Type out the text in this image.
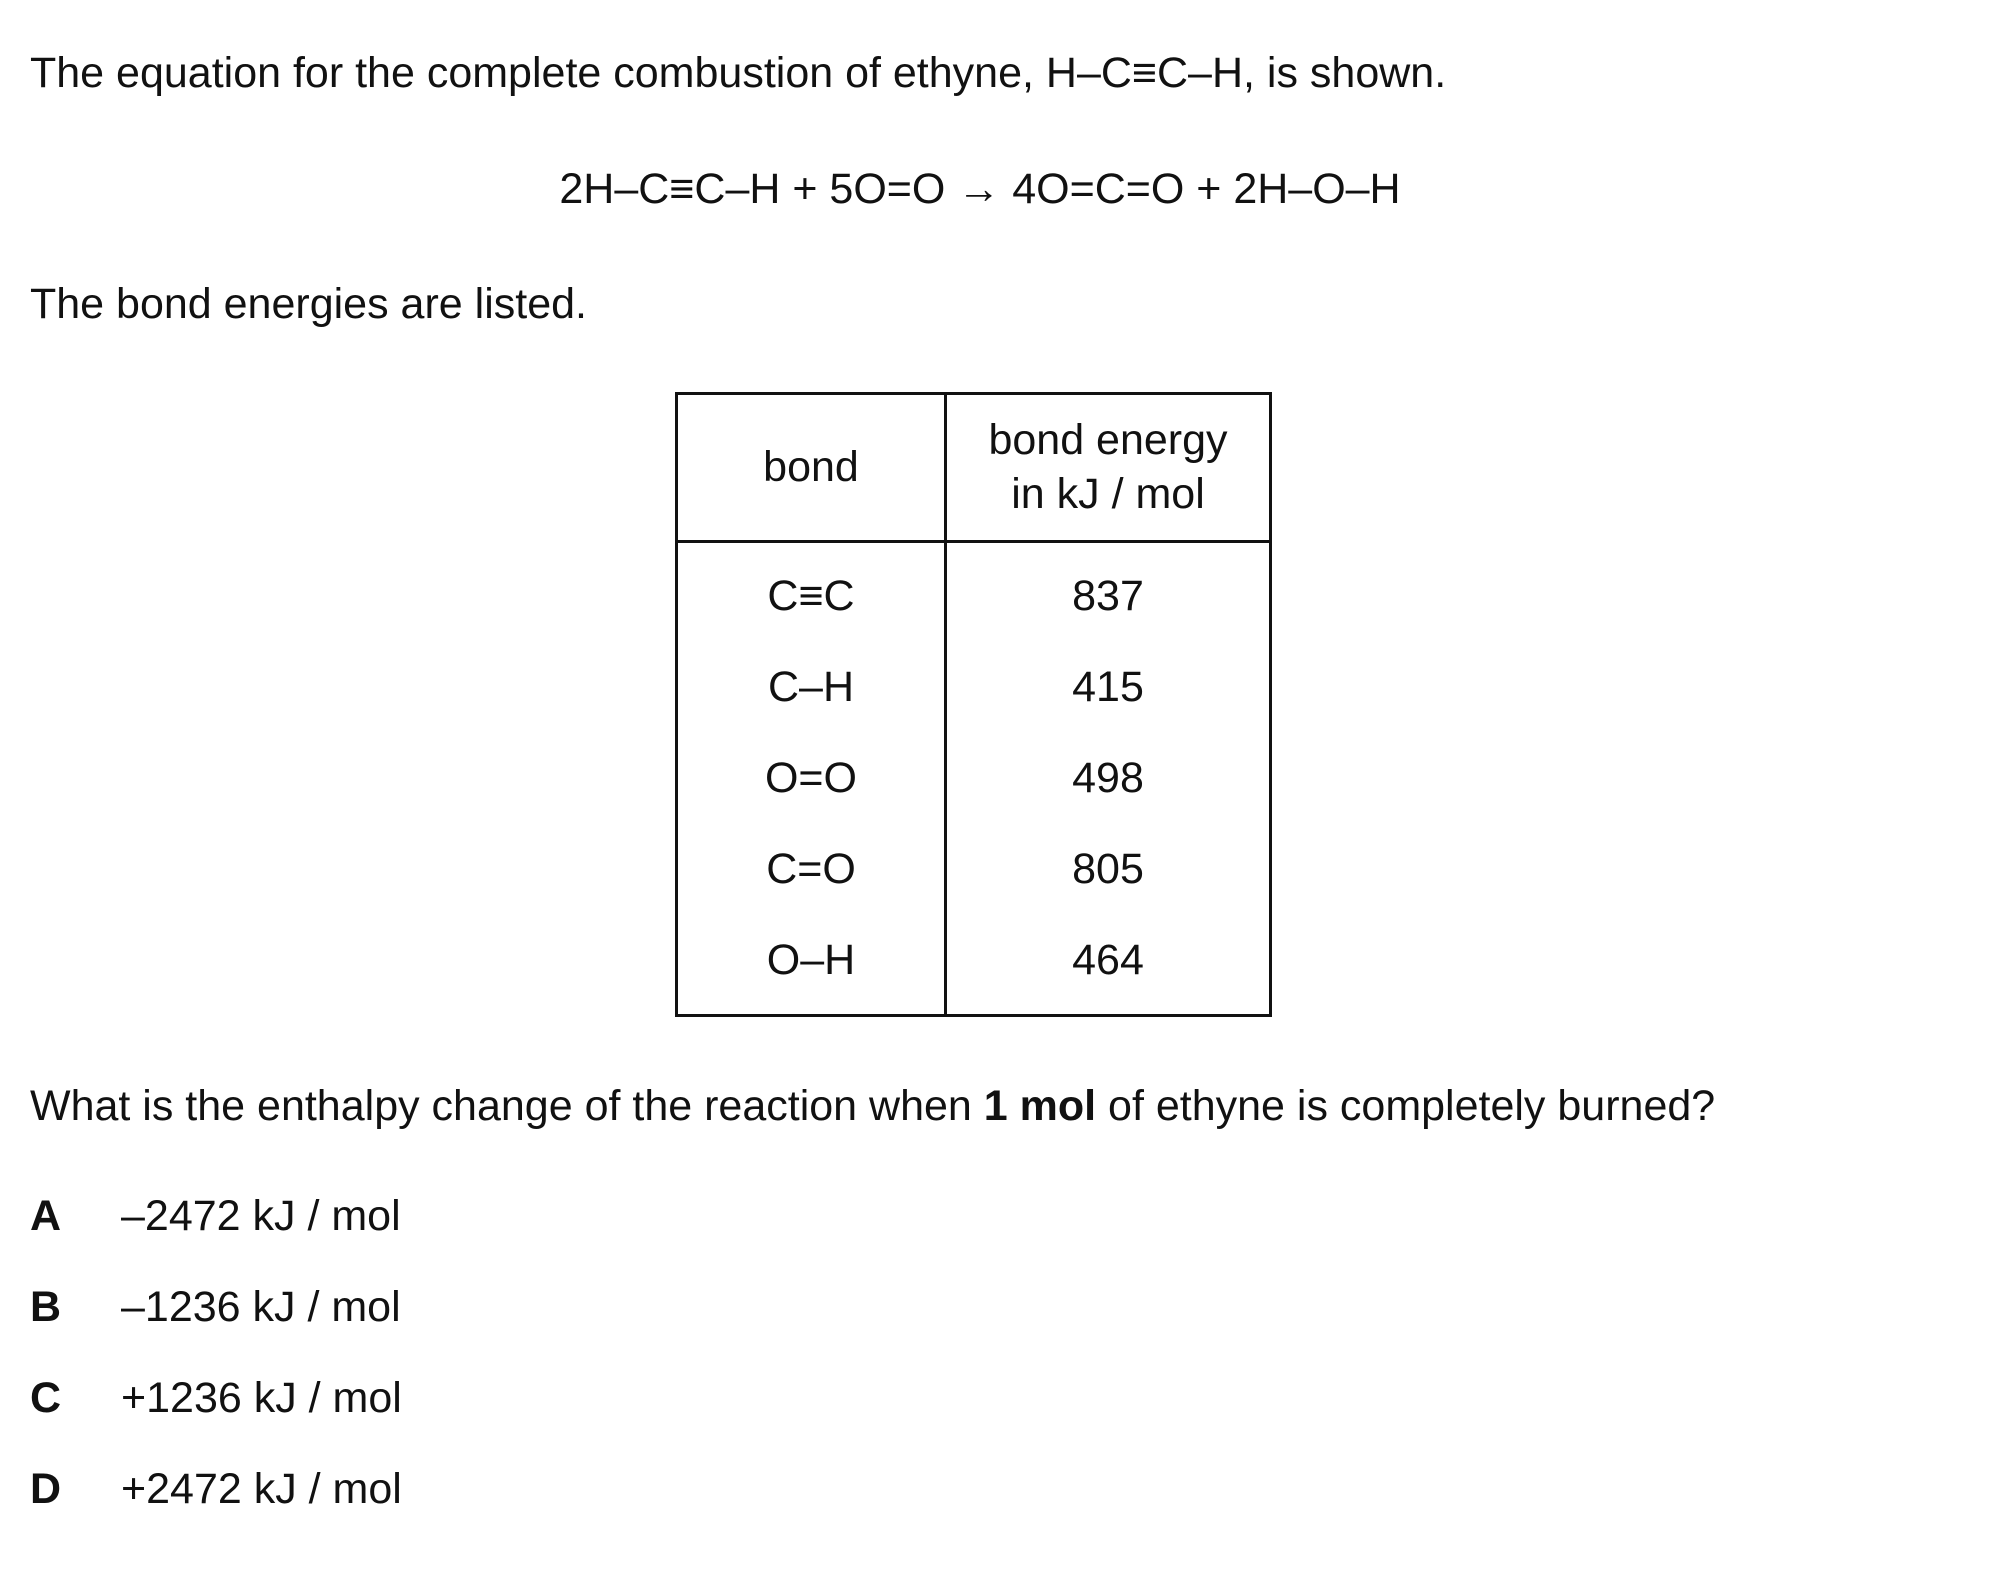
The equation for the complete combustion of ethyne, H–C≡C–H, is shown.
2H–C≡C–H + 5O=O → 4O=C=O + 2H–O–H
The bond energies are listed.
bond	bond energy
in kJ / mol
C≡C	837
C–H	415
O=O	498
C=O	805
O–H	464
What is the enthalpy change of the reaction when 1 mol of ethyne is completely burned?
A –2472 kJ / mol
B –1236 kJ / mol
C +1236 kJ / mol
D +2472 kJ / mol
